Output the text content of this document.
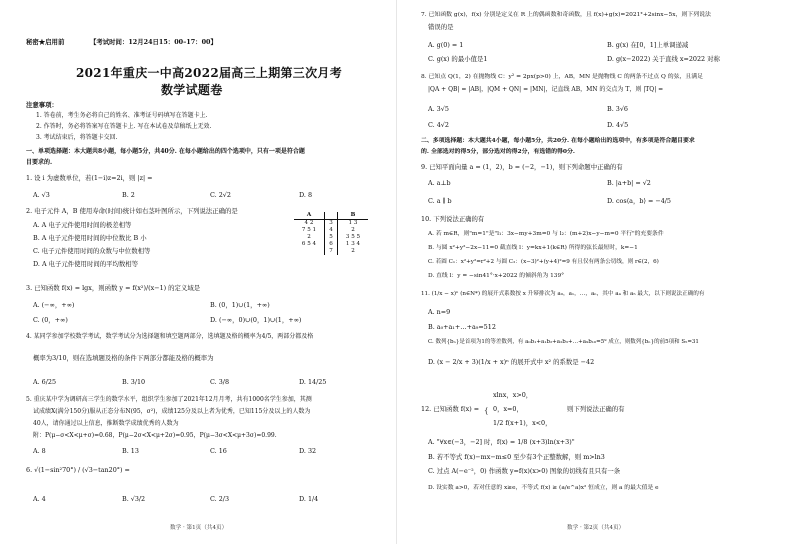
秘密★启用前	【考试时间：12月24日15：00–17：00】
2021年重庆一中高2022届高三上期第三次月考
数学试题卷
注意事项：
1. 答卷前，考生务必将自己的姓名、准考证号码填写在答题卡上.
2. 作答时，务必将答案写在答题卡上. 写在本试卷及草稿纸上无效.
3. 考试结束后，将答题卡交回.
一、单项选择题：本大题共8小题，每小题5分，共40分. 在每小题给出的四个选项中，只有一项是符合题
目要求的.
1. 设 i 为虚数单位，若(1−i)z=2i，则 |z| =
A. √3	B. 2	C. 2√2	D. 8
2. 电子元件 A，B 使用寿命(时间)统计如右茎叶图所示，下列说法正确的是
A. A 电子元件使用时间的极差相等
B. A 电子元件使用时间的中位数比 B 小
C. 电子元件使用时间的众数与中位数相等
D. A 电子元件使用时间的平均数相等
A		B
4 2	3	1 3
7 5 1	4	2
2	5	3 5 5
6 5 4	6	1 3 4
	7	2
3. 已知函数 f(x) = lgx，则函数 y = f(x²)/(x−1) 的定义域是
A. (−∞，+∞)	B. (0，1)∪(1，+∞)
C. (0，+∞)	D. (−∞，0)∪(0，1)∪(1，+∞)
4. 某同学参加学校数学考试，数学考试分为选择题和填空题两部分，选填题及格的概率为4/5，两部分都及格
概率为3/10，则在选填题及格的条件下两部分都能及格的概率为
A. 6/25	B. 3/10	C. 3/8	D. 14/25
5. 重庆某中学为调研高三学生的数学水平，组织学生参加了2021年12月月考，共有1000名学生参加，其测
试成绩X(满分150分)服从正态分布N(95，σ²)，成绩125分及以上者为优秀，已知115分及以上的人数为
40人，请你通过以上信息，推断数学成绩优秀的人数为
附：P(μ−σ<X<μ+σ)=0.68，P(μ−2σ<X<μ+2σ)=0.95，P(μ−3σ<X<μ+3σ)=0.99.
A. 8	B. 13	C. 16	D. 32
6. √(1−sin²70°) / (√3−tan20°) =
A. 4	B. √3/2	C. 2/3	D. 1/4
数学 · 第1页（共4页）
7. 已知函数 g(x)，f(x) 分别是定义在 R 上的偶函数和奇函数，且 f(x)+g(x)=2021ˣ+2sinx−5x，则下列说法
错误的是
A. g(0) = 1	B. g(x) 在[0，1]上单调递减
C. g(x) 的最小值是1	D. g(x−2022) 关于直线 x=2022 对称
8. 已知点 Q(1，2) 在抛物线 C：y² = 2px(p>0) 上，AB，MN 是抛物线 C 的两条不过点 Q 的弦，且满足
|QA + QB| = |AB|，|QM + QN| = |MN|，记直线 AB，MN 的交点为 T，则 |TQ| =
A. 3√5	B. 3√6
C. 4√2	D. 4√5
二、多项选择题：本大题共4小题，每小题5分，共20分. 在每小题给出的选项中，有多项是符合题目要求
的. 全部选对的得5分，部分选对的得2分，有选错的得0分.
9. 已知平面向量 a = (1，2)，b = (−2，−1)，则下列命题中正确的有
A. a⊥b	B. |a+b| = √2
C. a ∥ b	D. cos⟨a，b⟩ = −4/5
10. 下列说法正确的有
A. 若 m∈R，则"m=1"是"l₁：3x−my+3m=0 与 l₂：(m+2)x−y−m=0 平行"的充要条件
B. 与圆 x²+y²−2x−11=0 截直线 l：y=kx+1(k∈R) 所得的弦长最短时，k=−1
C. 若圆 C₁：x²+y²=r²+2 与圆 C₂：(x−3)²+(y+4)²=9 有且仅有两条公切线，则 r∈(2，6)
D. 直线 l：y = −sin41°·x+2022 的倾斜角为 139°
11. (1/x − x)ⁿ (n∈N*) 的展开式系数按 x 升幂排次为 a₀，a₁，…，aₙ，其中 a₄ 和 a₅ 最大，以下则说法正确的有
A. n=9
B. a₀+a₁+…+a₉=512
C. 数列{bₙ}是首项为1的等差数列，有 a₀b₁+a₁b₂+a₂b₃+…+a₉b₁₀=5⁹ 成立，则数列{bₙ}的前5项和 S₅=31
D. (x − 2/x + 3)(1/x + x)ⁿ 的展开式中 x² 的系数是 −42
12. 已知函数 f(x) = {
xlnx，x>0，
0，x=0，
1/2 f(x+1)，x<0，
则下列说法正确的有
A. "∀x∈(−3，−2] 时，f(x) = 1/8 (x+3)ln(x+3)"
B. 若不等式 f(x)−mx−m≤0 至少有3个正整数解，则 m>ln3
C. 过点 A(−e⁻²，0) 作函数 y=f(x)(x>0) 图象的切线有且只有一条
D. 设实数 a>0，若对任意的 x≥e，不等式 f(x) ≥ (a/e^a)x² 恒成立，则 a 的最大值是 e
数学 · 第2页（共4页）
